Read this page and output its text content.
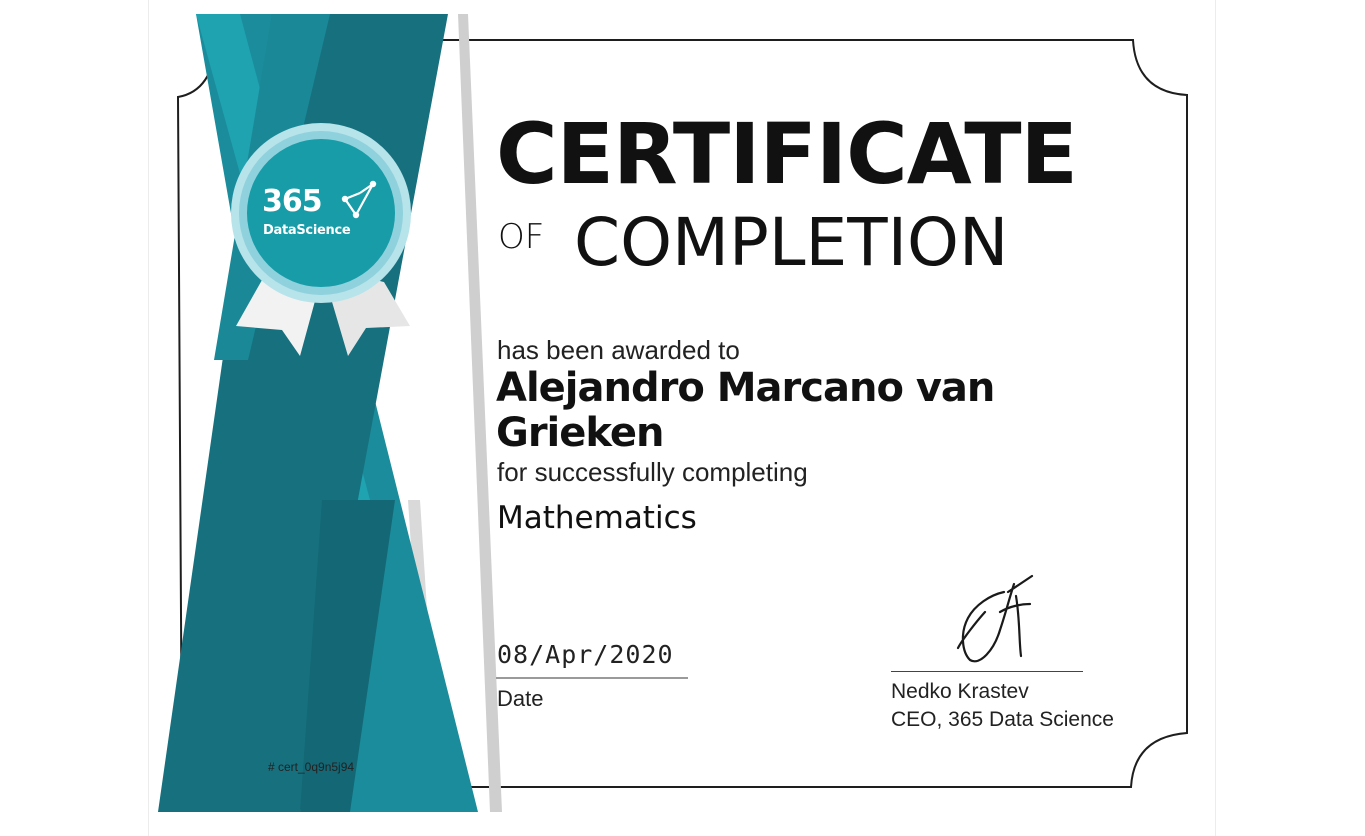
365
DataScience
CERTIFICATE
OF COMPLETION
has been awarded to
Alejandro Marcano van Grieken
for successfully completing
Mathematics
08/Apr/2020
Date	Nedko Krastev
CEO, 365 Data Science
# cert_0q9n5j94
